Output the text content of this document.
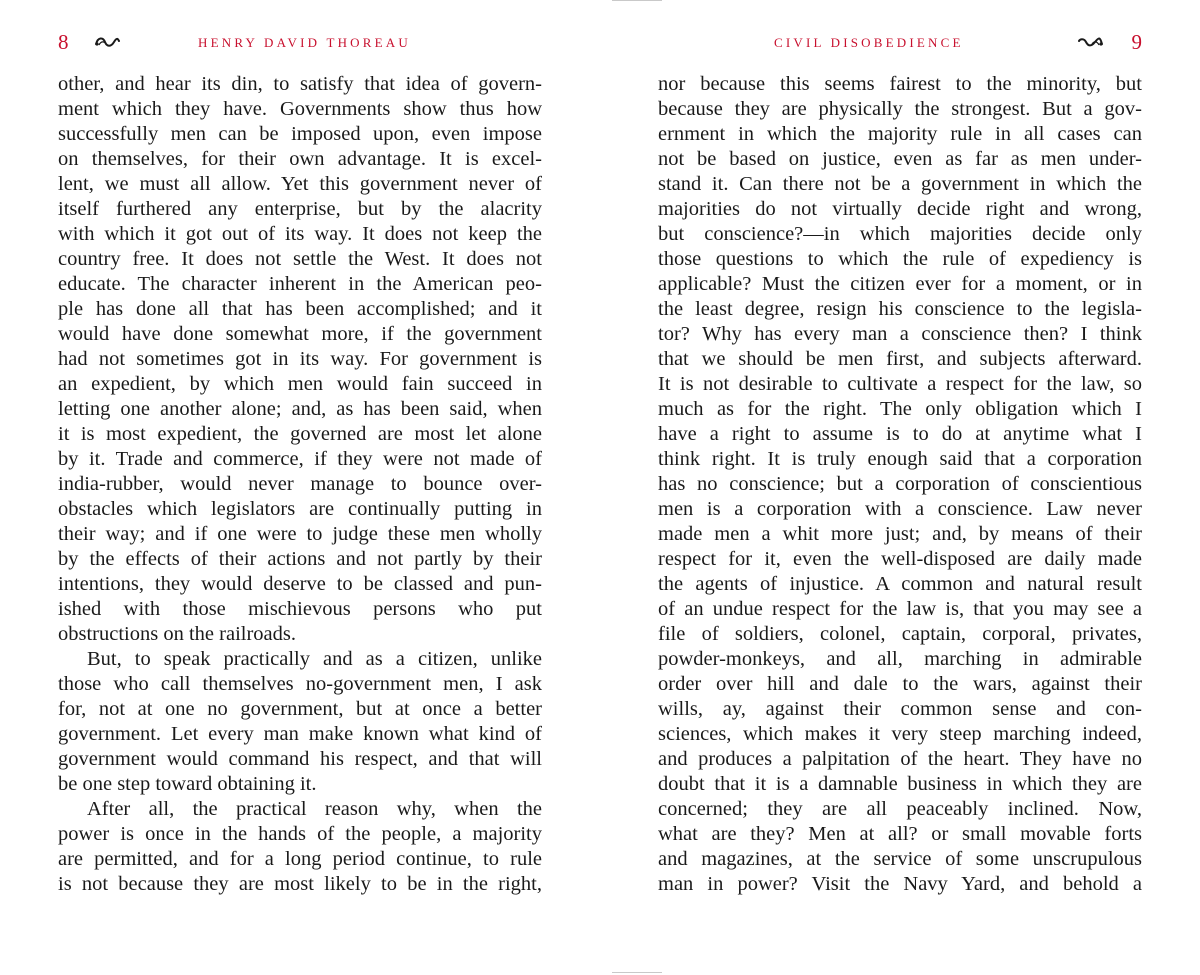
8	HENRY DAVID THOREAU
other, and hear its din, to satisfy that idea of govern-
ment which they have. Governments show thus how
successfully men can be imposed upon, even impose
on themselves, for their own advantage. It is excel-
lent, we must all allow. Yet this government never of
itself furthered any enterprise, but by the alacrity
with which it got out of its way. It does not keep the
country free. It does not settle the West. It does not
educate. The character inherent in the American peo-
ple has done all that has been accomplished; and it
would have done somewhat more, if the government
had not sometimes got in its way. For government is
an expedient, by which men would fain succeed in
letting one another alone; and, as has been said, when
it is most expedient, the governed are most let alone
by it. Trade and commerce, if they were not made of
india-rubber, would never manage to bounce over-
obstacles which legislators are continually putting in
their way; and if one were to judge these men wholly
by the effects of their actions and not partly by their
intentions, they would deserve to be classed and pun-
ished with those mischievous persons who put
obstructions on the railroads.
But, to speak practically and as a citizen, unlike
those who call themselves no-government men, I ask
for, not at one no government, but at once a better
government. Let every man make known what kind of
government would command his respect, and that will
be one step toward obtaining it.
After all, the practical reason why, when the
power is once in the hands of the people, a majority
are permitted, and for a long period continue, to rule
is not because they are most likely to be in the right,
CIVIL DISOBEDIENCE	9
nor because this seems fairest to the minority, but
because they are physically the strongest. But a gov-
ernment in which the majority rule in all cases can
not be based on justice, even as far as men under-
stand it. Can there not be a government in which the
majorities do not virtually decide right and wrong,
but conscience?—in which majorities decide only
those questions to which the rule of expediency is
applicable? Must the citizen ever for a moment, or in
the least degree, resign his conscience to the legisla-
tor? Why has every man a conscience then? I think
that we should be men first, and subjects afterward.
It is not desirable to cultivate a respect for the law, so
much as for the right. The only obligation which I
have a right to assume is to do at anytime what I
think right. It is truly enough said that a corporation
has no conscience; but a corporation of conscientious
men is a corporation with a conscience. Law never
made men a whit more just; and, by means of their
respect for it, even the well-disposed are daily made
the agents of injustice. A common and natural result
of an undue respect for the law is, that you may see a
file of soldiers, colonel, captain, corporal, privates,
powder-monkeys, and all, marching in admirable
order over hill and dale to the wars, against their
wills, ay, against their common sense and con-
sciences, which makes it very steep marching indeed,
and produces a palpitation of the heart. They have no
doubt that it is a damnable business in which they are
concerned; they are all peaceably inclined. Now,
what are they? Men at all? or small movable forts
and magazines, at the service of some unscrupulous
man in power? Visit the Navy Yard, and behold a
